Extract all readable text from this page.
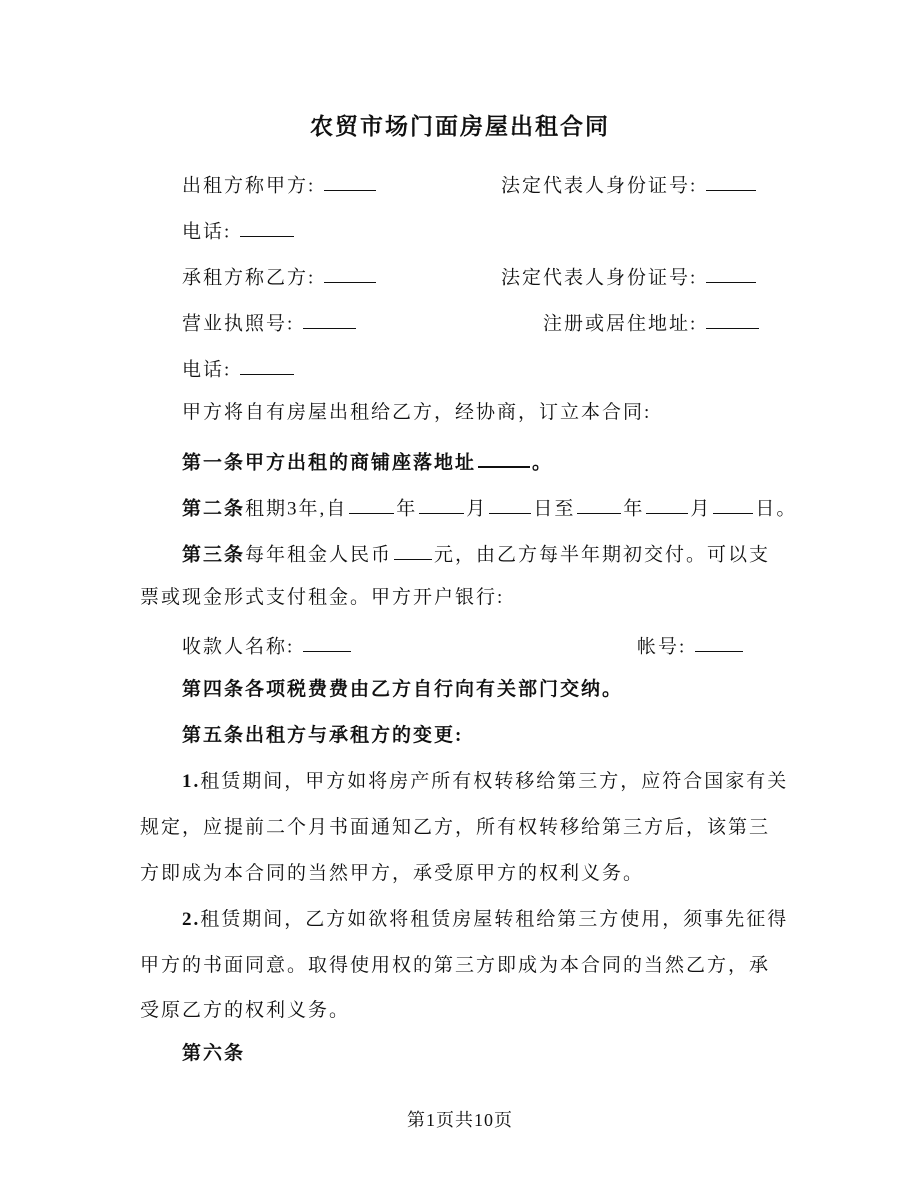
农贸市场门面房屋出租合同
出租方称甲方:	法定代表人身份证号:
电话:
承租方称乙方:	法定代表人身份证号:
营业执照号:	注册或居住地址:
电话:
甲方将自有房屋出租给乙方，经协商，订立本合同:
第一条甲方出租的商铺座落地址	。
第二条租期3年,自	年	月 日至	年 月 日。
第三条每年租金人民币 元，由乙方每半年期初交付。可以支
票或现金形式支付租金。甲方开户银行:
收款人名称:	帐号:
第四条各项税费费由乙方自行向有关部门交纳。
第五条出租方与承租方的变更:
1.租赁期间，甲方如将房产所有权转移给第三方，应符合国家有关
规定，应提前二个月书面通知乙方，所有权转移给第三方后，该第三
方即成为本合同的当然甲方，承受原甲方的权利义务。
2.租赁期间，乙方如欲将租赁房屋转租给第三方使用，须事先征得
甲方的书面同意。取得使用权的第三方即成为本合同的当然乙方，承
受原乙方的权利义务。
第六条
第1页共10页
